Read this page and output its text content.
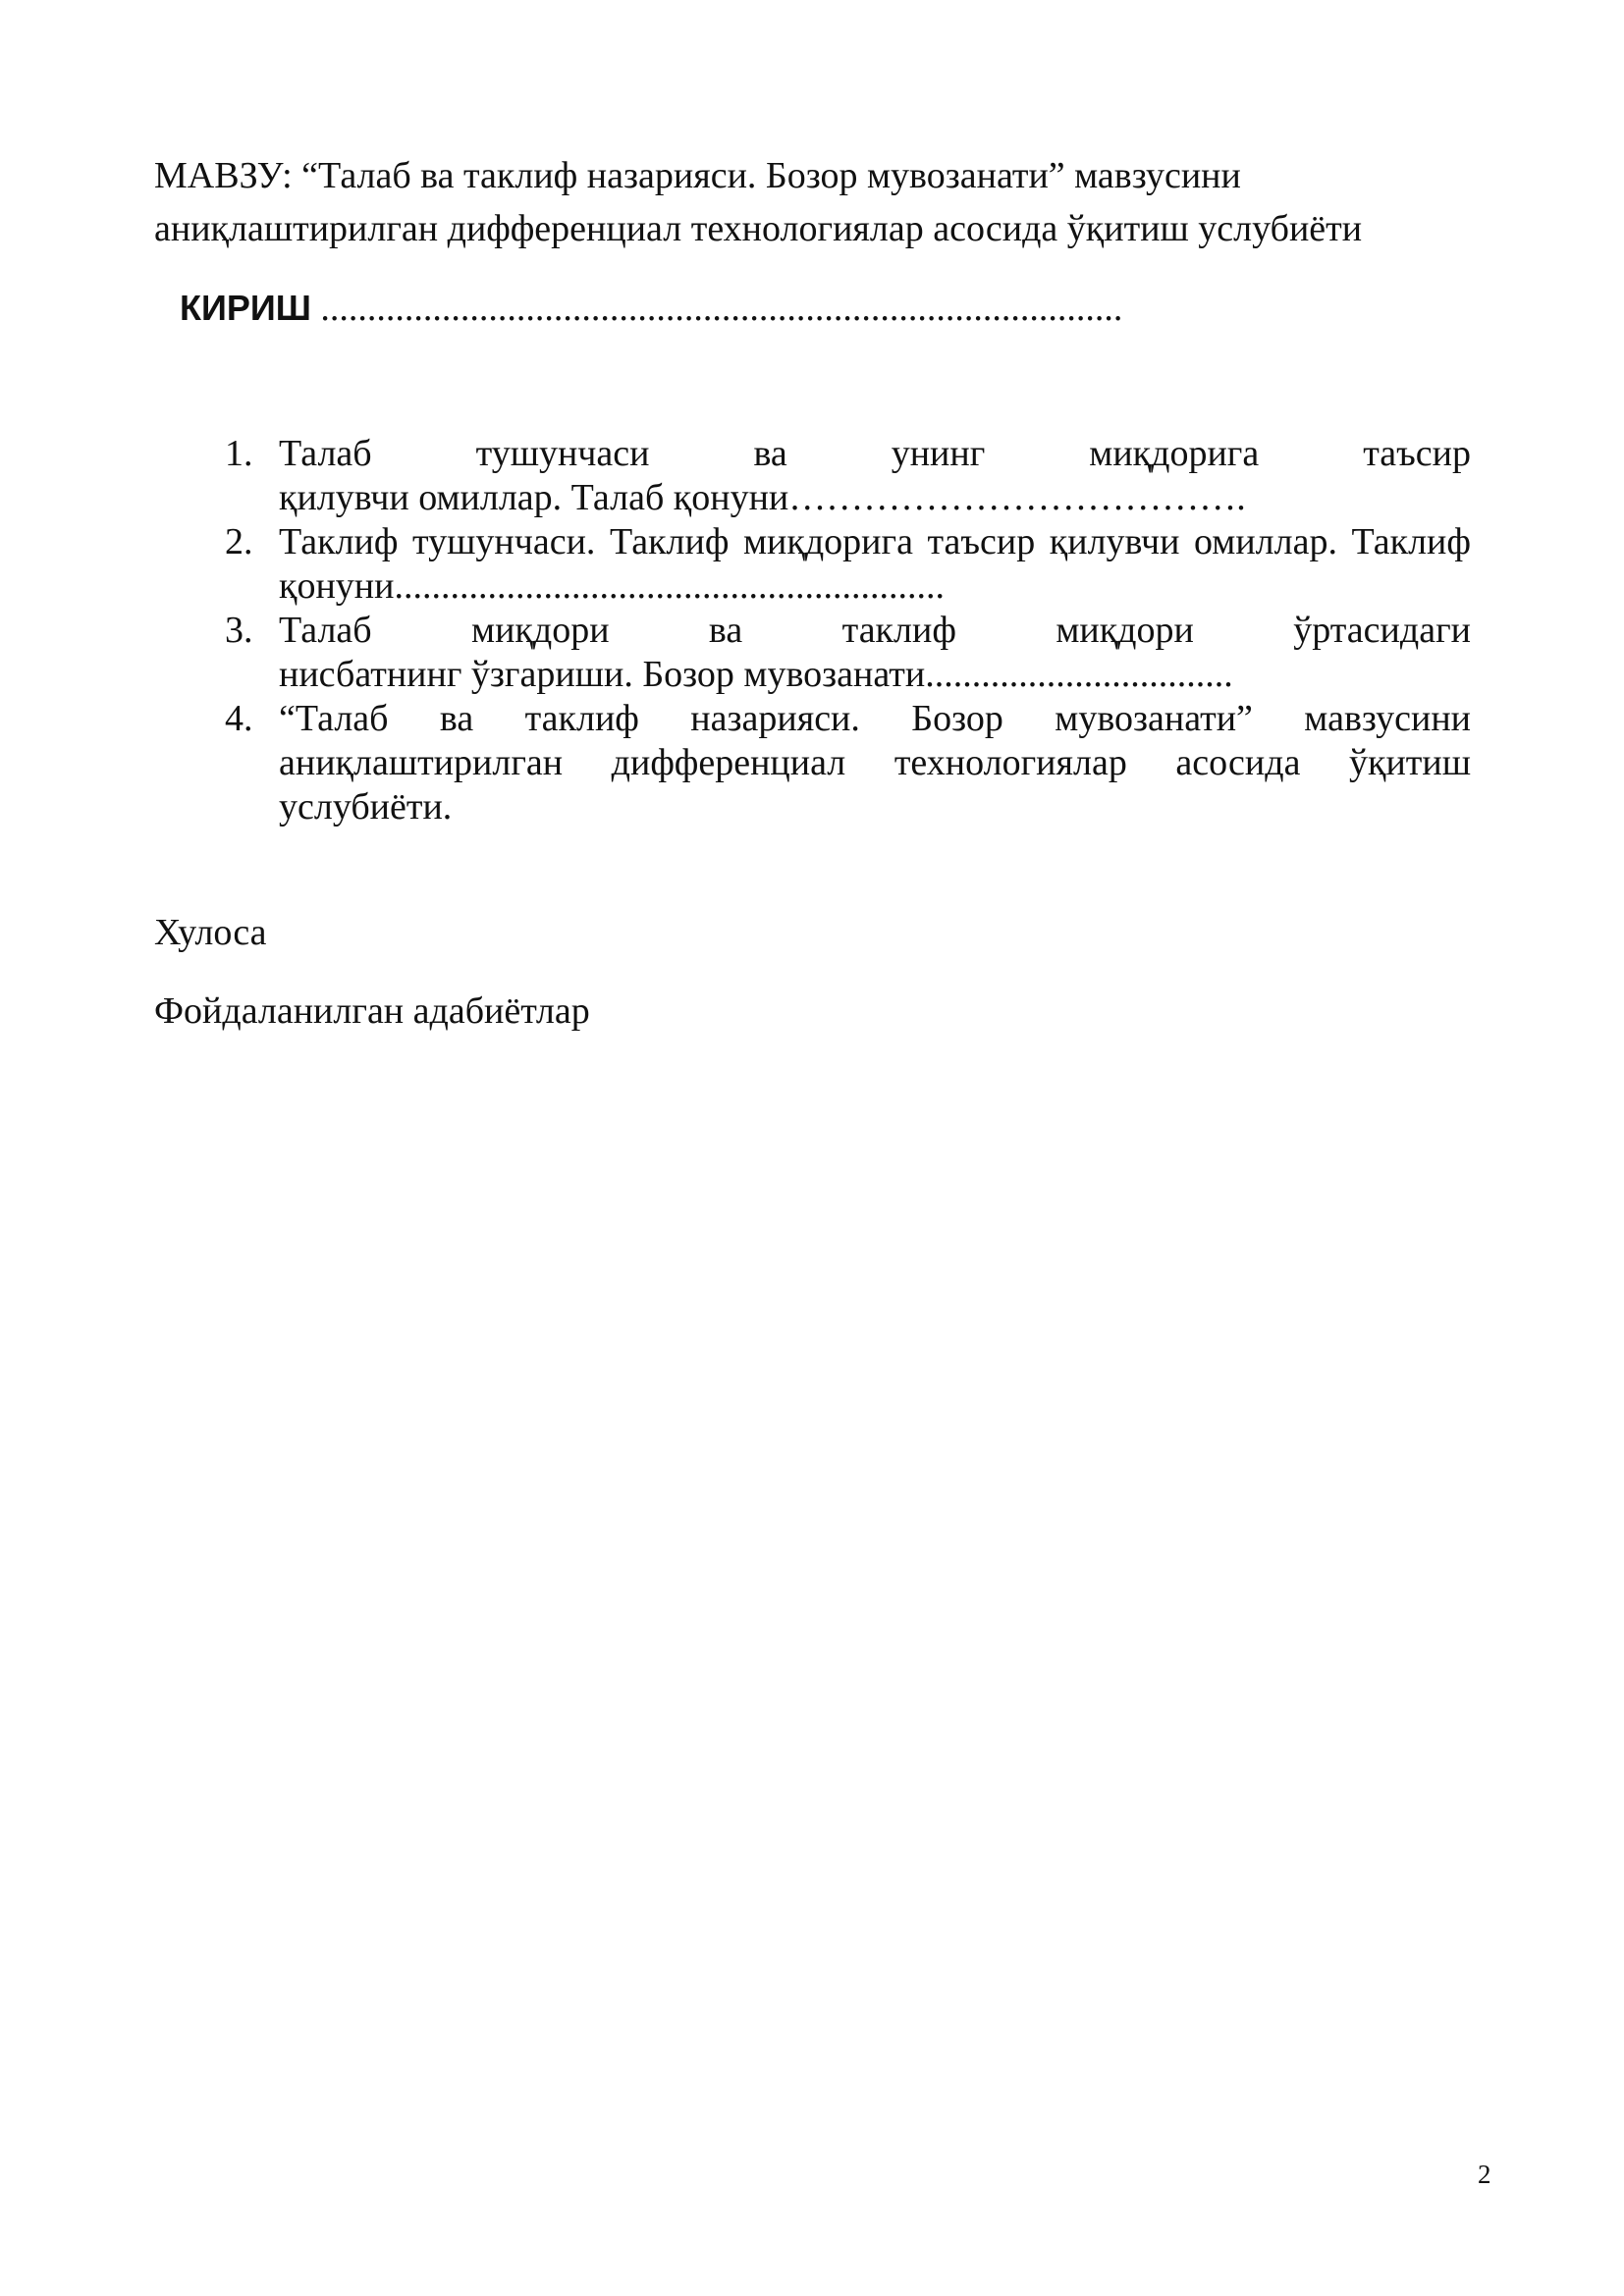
МАВЗУ: “Талаб ва таклиф назарияси. Бозор мувозанати” мавзусини
аниқлаштирилган дифференциал технологиялар асосида ўқитиш услубиёти
КИРИШ ......................................................................................
1. Талаб тушунчаси ва унинг миқдорига таъсир
қилувчи омиллар. Талаб қонуни……………………………….
2. Таклиф тушунчаси. Таклиф миқдорига таъсир қилувчи омиллар. Таклиф
қонуни...........................................................
3. Талаб миқдори ва таклиф миқдори ўртасидаги
нисбатнинг ўзгариши. Бозор мувозанати.................................
4. “Талаб ва таклиф назарияси. Бозор мувозанати” мавзусини
аниқлаштирилган дифференциал технологиялар асосида ўқитиш услубиёти.
Хулоса
Фойдаланилган адабиётлар
2
